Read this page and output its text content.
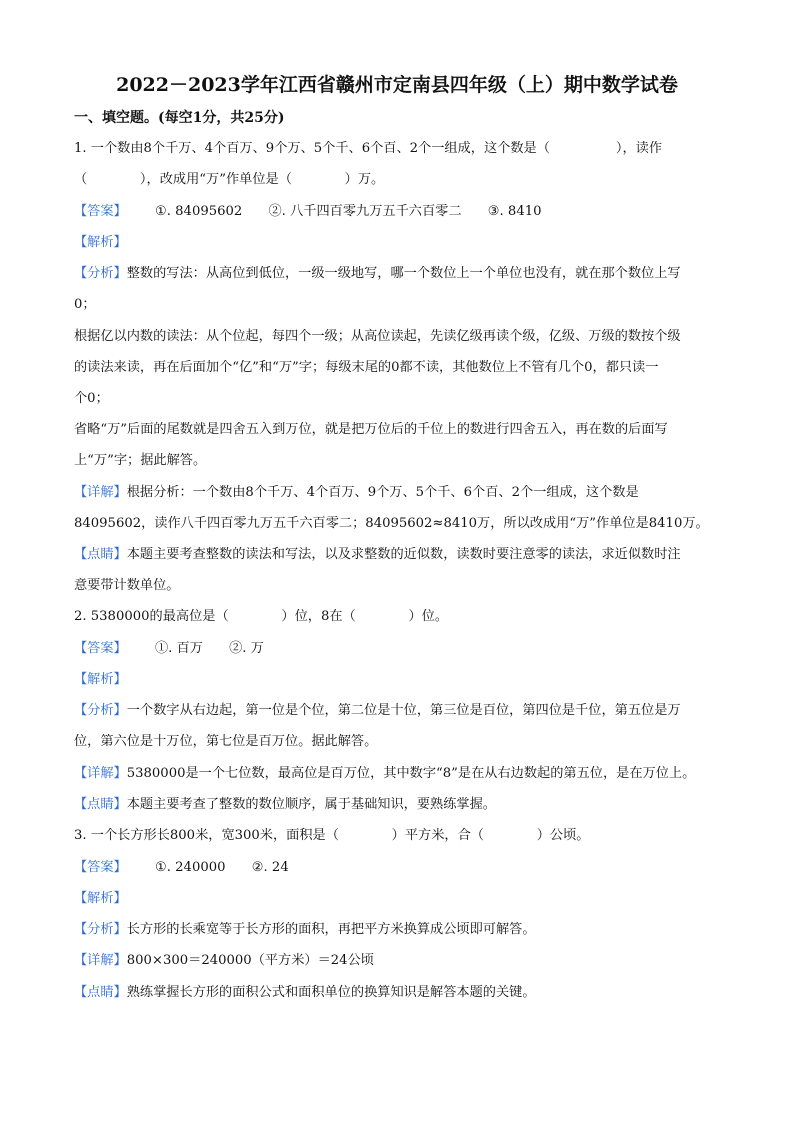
2022－2023学年江西省赣州市定南县四年级（上）期中数学试卷
一、填空题。(每空1分，共25分)
1. 一个数由8个千万、4个百万、9个万、5个千、6个百、2个一组成，这个数是（　　　　　），读作
（　　　　），改成用“万”作单位是（　　　　）万。
【答案】 ①. 84095602 ②. 八千四百零九万五千六百零二 ③. 8410
【解析】
【分析】整数的写法：从高位到低位，一级一级地写，哪一个数位上一个单位也没有，就在那个数位上写
0；
根据亿以内数的读法：从个位起，每四个一级；从高位读起，先读亿级再读个级，亿级、万级的数按个级
的读法来读，再在后面加个“亿”和“万”字；每级末尾的0都不读，其他数位上不管有几个0，都只读一
个0；
省略“万”后面的尾数就是四舍五入到万位，就是把万位后的千位上的数进行四舍五入，再在数的后面写
上“万”字；据此解答。
【详解】根据分析：一个数由8个千万、4个百万、9个万、5个千、6个百、2个一组成，这个数是
84095602，读作八千四百零九万五千六百零二；84095602≈8410万，所以改成用“万”作单位是8410万。
【点睛】本题主要考查整数的读法和写法，以及求整数的近似数，读数时要注意零的读法，求近似数时注
意要带计数单位。
2. 5380000的最高位是（　　　　）位，8在（　　　　）位。
【答案】 ①. 百万 ②. 万
【解析】
【分析】一个数字从右边起，第一位是个位，第二位是十位，第三位是百位，第四位是千位，第五位是万
位，第六位是十万位，第七位是百万位。据此解答。
【详解】5380000是一个七位数，最高位是百万位，其中数字“8”是在从右边数起的第五位，是在万位上。
【点睛】本题主要考查了整数的数位顺序，属于基础知识，要熟练掌握。
3. 一个长方形长800米，宽300米，面积是（　　　　）平方米，合（　　　　）公顷。
【答案】 ①. 240000 ②. 24
【解析】
【分析】长方形的长乘宽等于长方形的面积，再把平方米换算成公顷即可解答。
【详解】800×300＝240000（平方米）＝24公顷
【点睛】熟练掌握长方形的面积公式和面积单位的换算知识是解答本题的关键。
